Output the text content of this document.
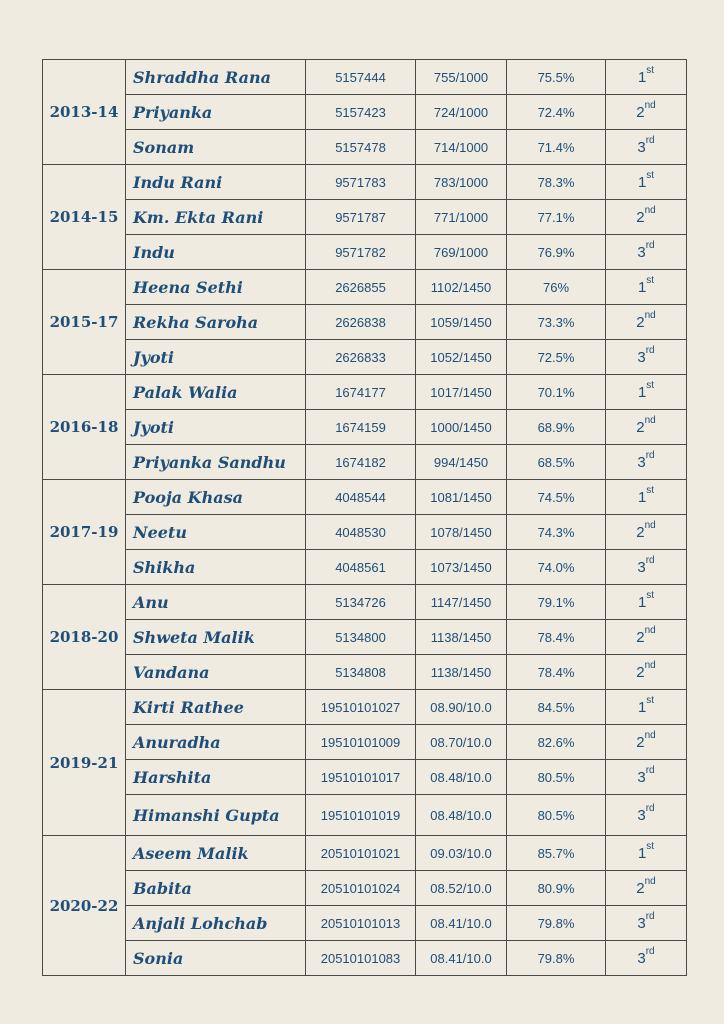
2013-14	Shraddha Rana	5157444	755/1000	75.5%	1st
	Priyanka	5157423	724/1000	72.4%	2nd
	Sonam	5157478	714/1000	71.4%	3rd
2014-15	Indu Rani	9571783	783/1000	78.3%	1st
	Km. Ekta Rani	9571787	771/1000	77.1%	2nd
	Indu	9571782	769/1000	76.9%	3rd
2015-17	Heena Sethi	2626855	1102/1450	76%	1st
	Rekha Saroha	2626838	1059/1450	73.3%	2nd
	Jyoti	2626833	1052/1450	72.5%	3rd
2016-18	Palak Walia	1674177	1017/1450	70.1%	1st
	Jyoti	1674159	1000/1450	68.9%	2nd
	Priyanka Sandhu	1674182	994/1450	68.5%	3rd
2017-19	Pooja Khasa	4048544	1081/1450	74.5%	1st
	Neetu	4048530	1078/1450	74.3%	2nd
	Shikha	4048561	1073/1450	74.0%	3rd
2018-20	Anu	5134726	1147/1450	79.1%	1st
	Shweta Malik	5134800	1138/1450	78.4%	2nd
	Vandana	5134808	1138/1450	78.4%	2nd
2019-21	Kirti Rathee	19510101027	08.90/10.0	84.5%	1st
	Anuradha	19510101009	08.70/10.0	82.6%	2nd
	Harshita	19510101017	08.48/10.0	80.5%	3rd
	Himanshi Gupta	19510101019	08.48/10.0	80.5%	3rd
2020-22	Aseem Malik	20510101021	09.03/10.0	85.7%	1st
	Babita	20510101024	08.52/10.0	80.9%	2nd
	Anjali Lohchab	20510101013	08.41/10.0	79.8%	3rd
	Sonia	20510101083	08.41/10.0	79.8%	3rd
